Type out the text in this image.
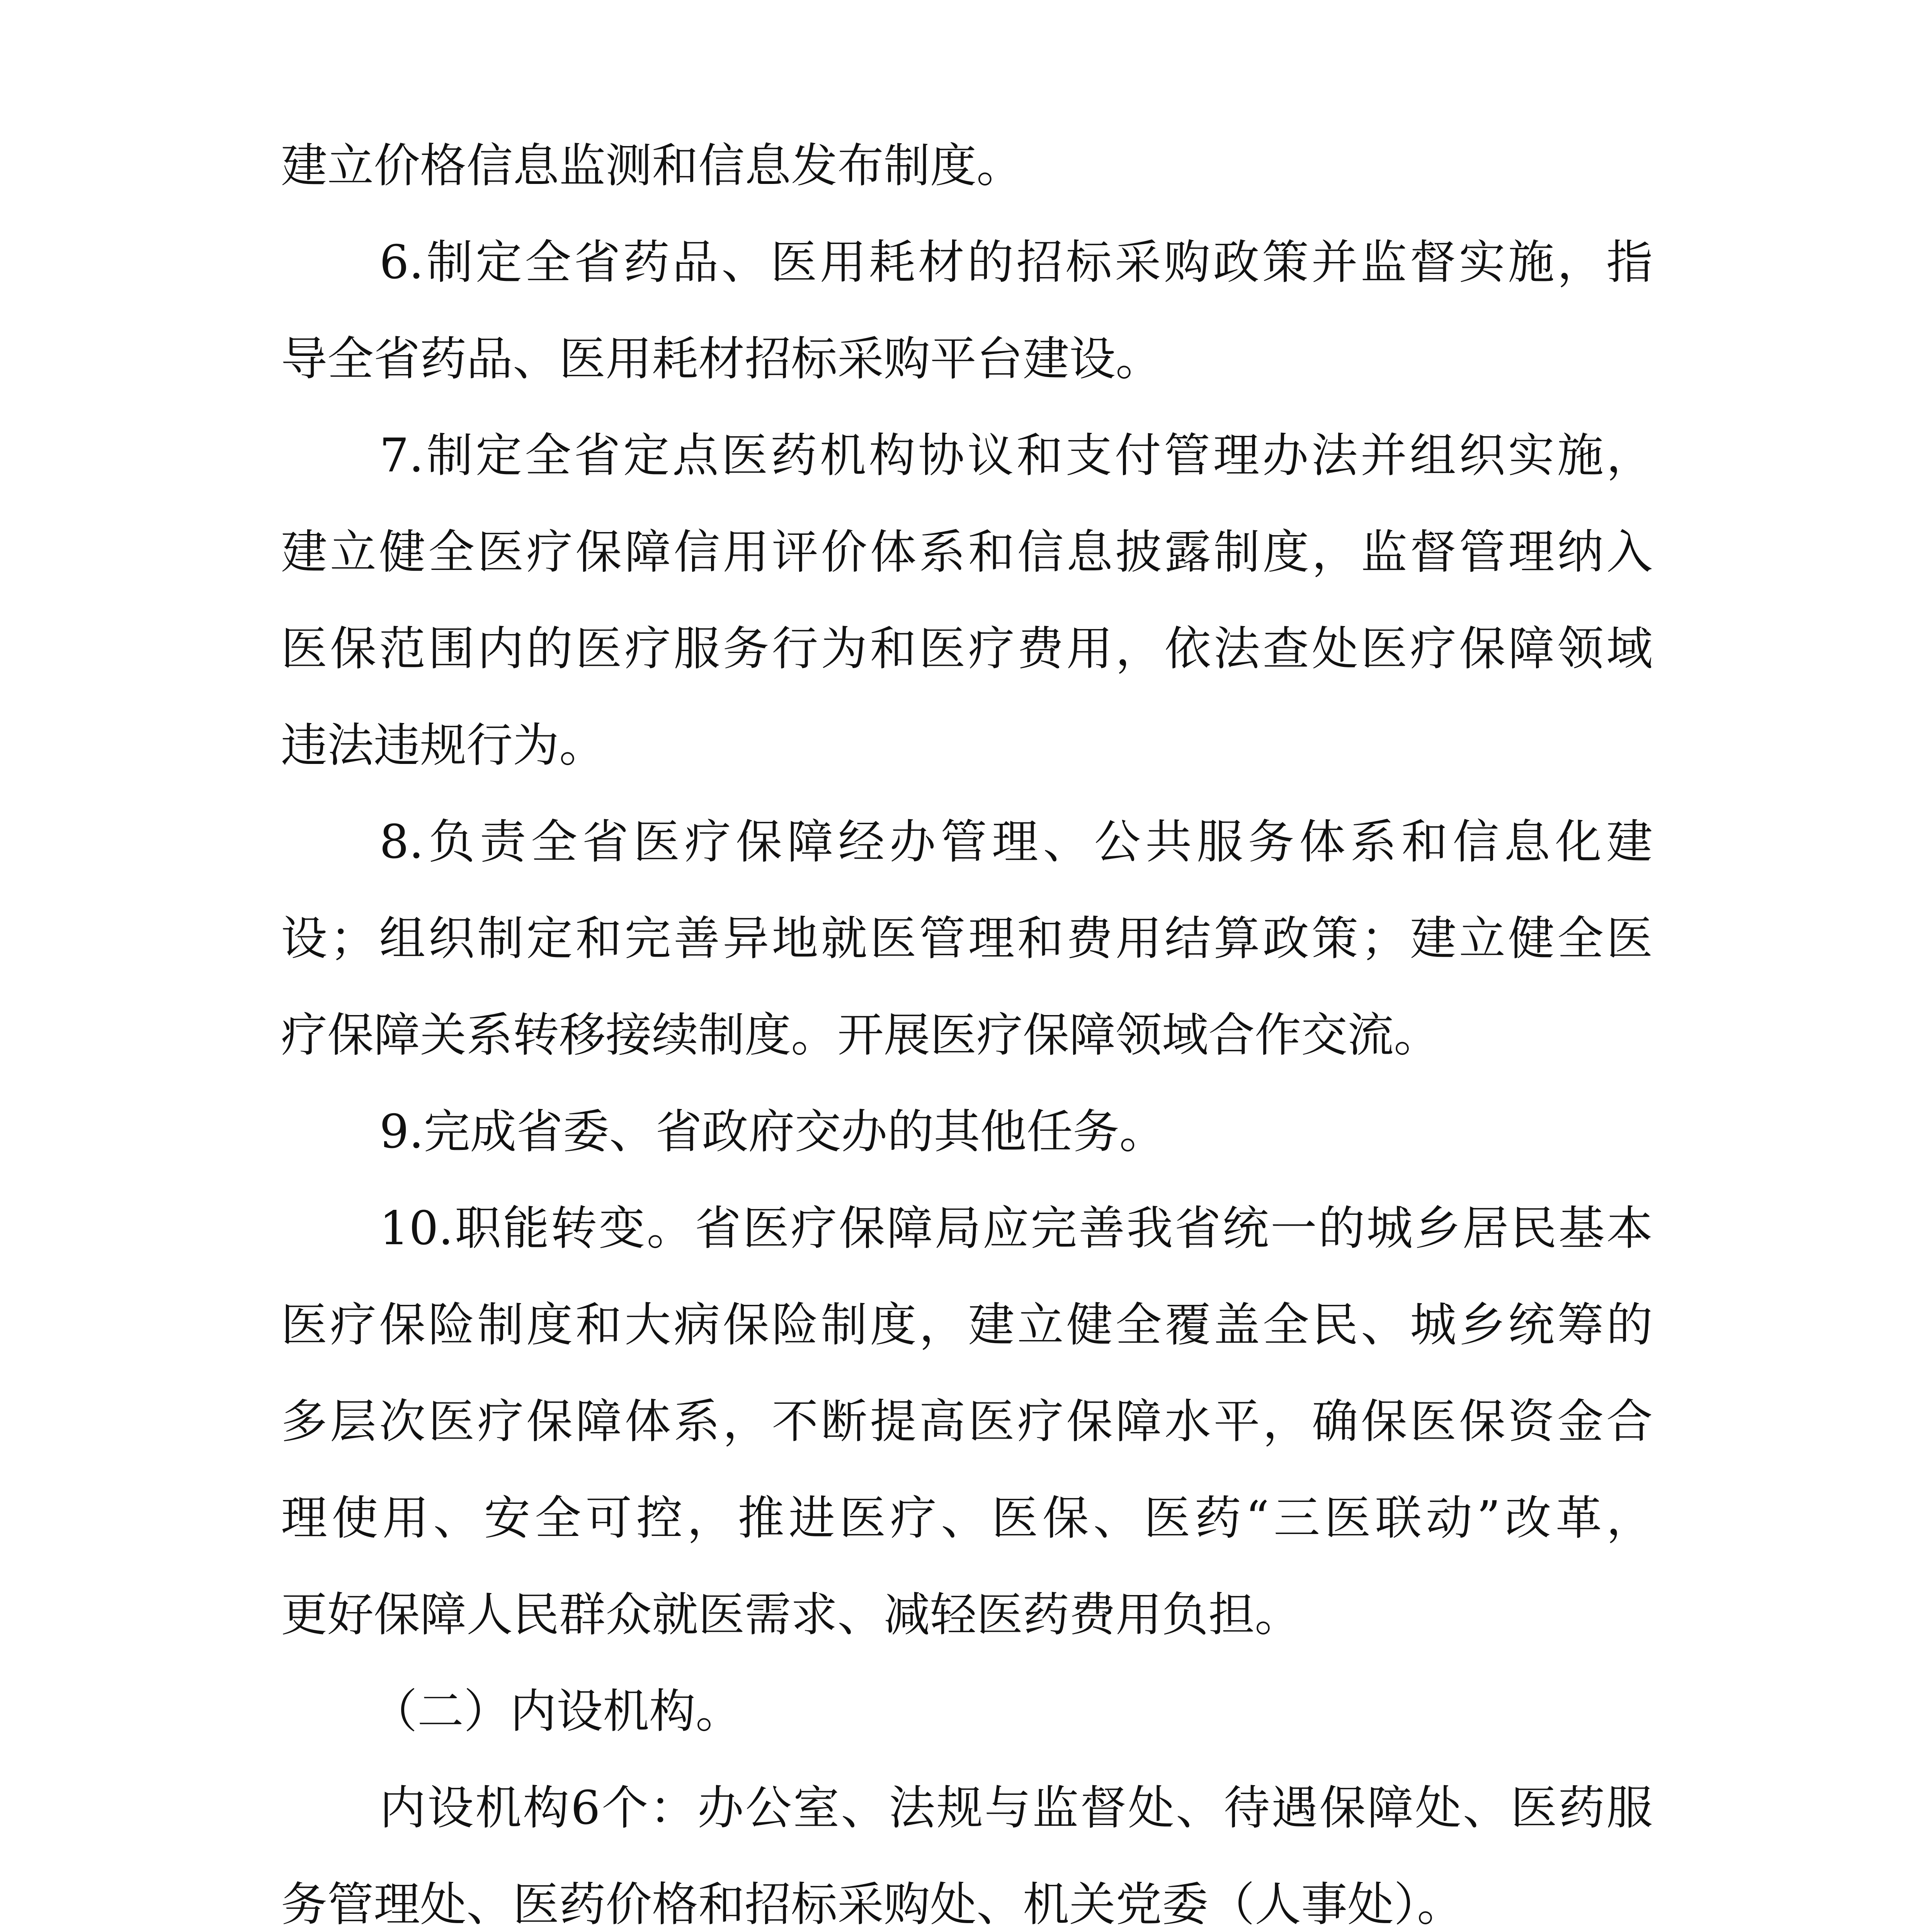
建立价格信息监测和信息发布制度。
6.制定全省药品、医用耗材的招标采购政策并监督实施，指
导全省药品、医用耗材招标采购平台建设。
7.制定全省定点医药机构协议和支付管理办法并组织实施，
建立健全医疗保障信用评价体系和信息披露制度，监督管理纳入
医保范围内的医疗服务行为和医疗费用，依法查处医疗保障领域
违法违规行为。
8.负责全省医疗保障经办管理、公共服务体系和信息化建
设；组织制定和完善异地就医管理和费用结算政策；建立健全医
疗保障关系转移接续制度。开展医疗保障领域合作交流。
9.完成省委、省政府交办的其他任务。
10.职能转变。省医疗保障局应完善我省统一的城乡居民基本
医疗保险制度和大病保险制度，建立健全覆盖全民、城乡统筹的
多层次医疗保障体系，不断提高医疗保障水平，确保医保资金合
理使用、安全可控，推进医疗、医保、医药“三医联动”改革，
更好保障人民群众就医需求、减轻医药费用负担。
（二）内设机构。
内设机构6个：办公室、法规与监督处、待遇保障处、医药服
务管理处、医药价格和招标采购处、机关党委（人事处）。
